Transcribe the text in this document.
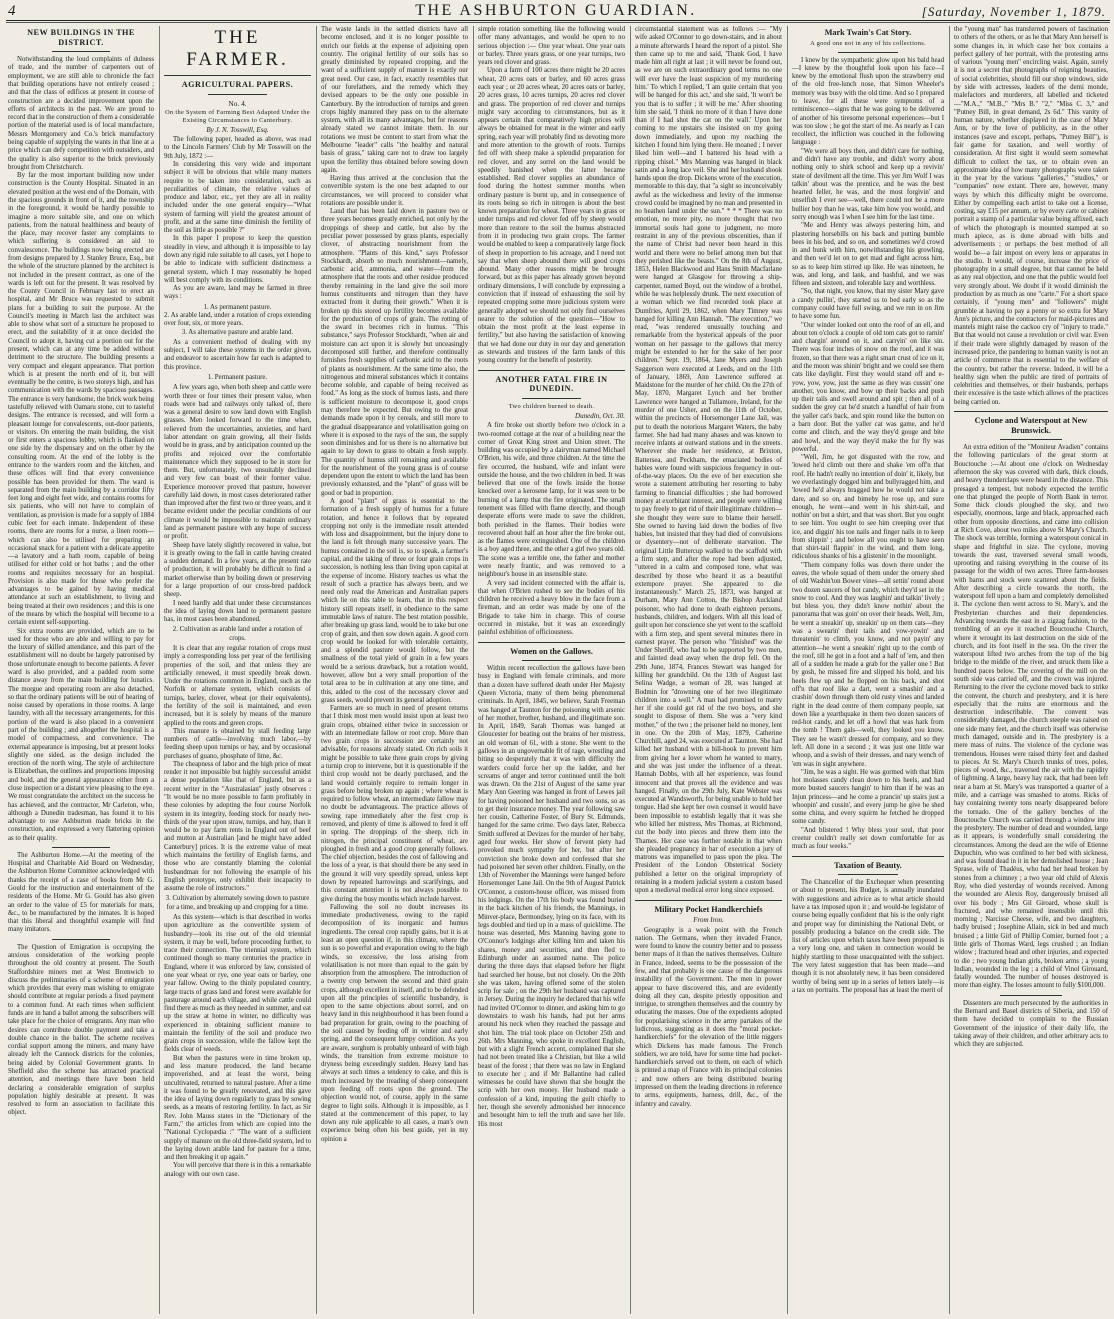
4	THE ASHBURTON GUARDIAN.	[Saturday, November 1, 1879.
NEW BUILDINGS IN THE DISTRICT.

Notwithstanding the loud complaints of dulness of trade, and the number of carpenters out of employment, we are still able to chronicle the fact that building operations have not entirely ceased ; and that the class of edifices at present in course of construction are a decided improvement upon the efforts of architects in the past. We are proud to record that in the construction of them a considerable portion of the material used is of local manufacture, Messrs Montgomery and Co.'s brick manufactory being capable of supplying the wants in that line at a price which can defy competition with outsiders, and the quality is also superior to the brick previously brought from Christchurch.

By far the most important building now under construction is the County Hospital. Situated in an elevated position at the west end of the Domain, with the spacious grounds in front of it, and the township in the foreground, it would be hardly possible to imagine a more suitable site, and one on which patients, from the natural healthiness and beauty of the place, may recover faster any complaints to which suffering is considered an aid to convalescence. The buildings now being erected are from designs prepared by J. Stanley Bruce, Esq., but the whole of the structure planned by the architect is not included in the present contract, as one of the wards is left out for the present. It was resolved by the County Council in February last to erect an hospital, and Mr Bruce was requested to submit plans for a building to suit the purpose. At the Council's meeting in March last the architect was able to show what sort of a structure he proposed to erect, and the suitability of it at once decided the Council to adopt it, having cut a portion out for the present, which can at any time be added without detriment to the structure. The building presents a very compact and elegant appearance. That portion which is at present the north end of it, but will eventually be the centre, is two storeys high, and has communication with the wards by spacious passages. The entrance is very handsome, the brick work being tastefully relieved with Oamaru stone, cut to tasteful designs. The entrance is recessed, and will form a pleasant lounge for convalescents, out-door patients, or visitors. On entering the main building, the visit or first enters a spacious lobby, which is flanked on one side by the dispensary and on the other by the consulting room. At the end of the lobby is the entrance to the warders room and the kitchen, and these offices will find that every convenience possible has been provided for them. The ward is separated from the main building by a corridor fifty feet long and eight feet wide, and contains rooms for six patients, who will not have to complain of ventilation, as provision is made for a supply of 1884 cubic feet for each inmate. Independent of these rooms, there are rooms for a nurse, a linen room—which can also be utilised for preparing an occasional snack for a patient with a delicate appetite—a lavatory and a bath room, capable of being utilised for either cold or hot baths ; and the other rooms and requisites necessary for an hospital. Provision is also made for those who prefer the advantages to be gained by having medical attendance at such an establishment, to living and being treated at their own residences ; and this is one of the means by which the hospital will become to a certain extent self-supporting.

Six extra rooms are provided, which are to be used for those who are able and willing to pay for the luxury of skilled attendance, and this part of the establishment will no doubt be largely patronised by those unfortunate enough to become patients. A fever ward is also provided, and a padded room some distance away from the main building for lunatics. The morgue and operating room are also detached, so that the ordinary patients will be out of hearing of noise caused by operations in those rooms. A large laundry, with all the necessary arrangements, for this portion of the ward is also placed in a convenient part of the building ; and altogether the hospital is a model of compactness, and convenience. The external appearance is imposing, but at present looks slightly one sided, as the design included the erection of the north wing. The style of architecture is Elizabethan, the outlines and proportions imposing and bold, and the general appearance either from a close inspection or a distant view pleasing to the eye. We must congratulate the architect on the success he has achieved, and the contractor, Mr Carleton, who, although a Dunedin tradesman, has found it to his advantage to use Ashburton made bricks in the construction, and expressed a very flattering opinion as to their quality.

The Ashburton Home.—At the meeting of the Hospital and Charitable Aid Board on Wednesday, the Ashburton Home Committee acknowledged with thanks the receipt of a case of books from Mr G. Gould for the instruction and entertainment of the residents of the Home. Mr G. Gould has also given an order to the value of £5 for materials for mats, &c., to be manufactured by the inmates. It is hoped that this liberal and thoughtful example will find many imitators.

The Question of Emigration is occupying the anxious consideration of the working people throughout the old country at present. The South Staffordshire miners met at West Bromwich to discuss the preliminaries of a scheme of emigration which provides that every man wishing to emigrate should contribute at regular periods a fixed payment to a common fund. At each times when sufficient funds are in hand a ballot among the subscribers will take place for the choice of emigrants. Any man who desires can contribute double payment and take a double chance in the ballot. The scheme receives cordial support among the miners, and many have already left the Cannock districts for the colonies, being aided by Colonial Government grants. In Sheffield also the scheme has attracted practical attention, and meetings there have been held declaring a considerable emigration of surplus population highly desirable at present. It was resolved to form an association to facilitate this object.

THE FARMER.
AGRICULTURAL PAPERS.
No. 4.
On the System of Farming Best Adapted Under the Existing Circumstances to Canterbury.
By J. N. Tosswill, Esq.

The following paper, headed as above, was read to the Lincoln Farmers' Club by Mr Tosswill on the 9th July, 1872 :—

In considering this very wide and important subject it will be obvious that while many matters require to be taken into consideration, such as peculiarities of climate, the relative values of produce and labor, etc., yet they are all in reality included under the one general enquiry—"What system of farming will yield the greatest amount of profit, and at the same time diminish the fertility of the soil as little as possible ?"

In this paper I propose to keep the question steadily in view, and although it is impossible to lay down any rigid rule suitable to all cases, yet I hope to be able to indicate with sufficient distinctness a general system, which I may reasonably be hoped will best comply with its conditions.

As you are aware, land may be farmed in three ways :

1. As permanent pasture.
2. As arable land, under a rotation of crops extending over four, six, or more years.
3. As alternative pasture and arable land.

As a convenient method of dealing with my subject, I will take these systems in the order given, and endeavor to ascertain how far each is adapted to this province.

1. Permanent pasture.

A few years ago, when both sheep and cattle were worth three or four times their present value, when roads were bad and railways only talked of, there was a general desire to sow land down with English grasses. Men looked forward to the time when, relieved from the uncertainties, anxieties, and hard labor attendant on grain growing, all their fields would be in grass, and by anticipation counted up the profits and rejoiced over the comfortable maintenance which they supposed to be in store for them. But, unfortunately, two unsuitably declined and very few can boast of their former value. Experience moreover proved that pasture, however carefully laid down, in most cases deteriorated rather than improved after the first two or three years, and it became evident under the peculiar conditions of our climate it would be impossible to maintain ordinary land as permanent pasture with any hope of success or profit.

Sheep have lately slightly recovered in value, but it is greatly owing to the fall in cattle having created a sudden demand. In a few years, at the present rate of production, it will probably be difficult to find a market otherwise than by boiling down or preserving for a large proportion of our cross-bred paddock sheep.

I need hardly add that under these circumstances the idea of laying down land to permanent pasture has, in most cases been abandoned.

2. Cultivation as arable land under a rotation of crops.

It is clear that any regular rotation of crops must imply a corresponding loss per year of the fertilising properties of the soil, and that unless they are artificially renewed, it must speedily break down. Under the rotations common in England, such as the Norfolk or alternate system, which consists of turnips, barley, clover, wheat (or their equivalents), the fertility of the soil is maintained, and even increased, but it is solely by means of the manure applied to the roots and green crops.

This manure is obtained by stall feeding large numbers of cattle—involving much labor,—by feeding sheep upon turnips or hay, and by occasional purchases of guano, phosphate of lime, &c.

The cheapness of labor and the high price of meat render it not impossible but highly successful amidst a dense population like that of England, but as a recent writer in the "Australasian" justly observes : "It would be no more possible to farm profitably in these colonies by adopting the four course Norfolk system in its integrity, feeding stock for nearly two-thirds of the year upon straw, turnips, and hay, than it would be to pay farm rents in England out of beef and mutton at Australian [and he might have added Canterbury] prices. It is the extreme value of meat which maintains the fertility of English farms, and those who are constantly blaming the colonial husbandman for not following the example of his English prototype, only exhibit their incapacity to assume the role of instructors."

3. Cultivation by alternately sowing down to pasture for a time, and breaking up and cropping for a time.

As this system—which is that described in works upon agriculture as the convertible system of husbandry—took its rise out of the old triennial system, it may be well, before proceeding further, to trace their connection. The triennial system, which continued though so many centuries the practice in England, where it was enforced by law, consisted of one year wheat or rye, one year oats or barley, one year fallow. Owing to the thinly populated country, large tracts of grass land and forest were available for pasturage around each village, and while cattle could find there as much as they needed in summer, and eat up the straw at home in winter, no difficulty was experienced in obtaining sufficient manure to maintain the fertility of the soil and produce two grain crops in succession, while the fallow kept the fields clear of weeds.

But when the pastures were in time broken up, and less manure produced, the land became impoverished, and at least the worst, being uncultivated, returned to natural pasture. After a time it was found to be greatly renovated, and this gave the idea of laying down regularly to grass by sowing seeds, as a means of restoring fertility. In fact, as Sir Rev. John Mauss states in the "Dictionary of the Farm," the articles from which are copied into the "National Cyclopædia :" "The want of a sufficient supply of manure on the old three-field system, led to the laying down arable land for pasture for a time, and then breaking it up again."

You will perceive that there is in this a remarkable analogy with our own case.

The waste lands in the settled districts have all become enclosed, and it is no longer possible to enrich our fields at the expense of adjoining open country. The original fertility of our soils has so greatly diminished by repeated cropping, and the want of a sufficient supply of manure is exactly our great need. Our case, in fact, exactly resembles that of our forefathers, and the remedy which they devised appears to be the only one possible in Canterbury. By the introduction of turnips and green crops highly manured they pass on to the alternate system, with all its many advantages, but for reasons already stated we cannot imitate them. In our rotations we must be content to start from what the Melbourne "leader" calls "the healthy and natural basis of grass," taking care not to draw too largely upon the fertility thus obtained before sowing down again.

Having thus arrived at the conclusion that the convertible system is the one best adapted to our circumstances, we will proceed to consider what rotations are possible under it.

Land that has been laid down in pasture two or three years becomes greatly enriched, not only by the droppings of sheep and cattle, but also by the peculiar power possessed by grass plants, especially clover, of abstracting nourishment from the atmosphere. "Plants of this kind," says Professor Stockhardt, absorb so much nourishment—namely, carbonic acid, ammonia, and water—from the atmosphere that the roots and other residue produced thereby remaining in the land give the soil more humus constituents and nitrogen than they have extracted from it during their growth." When it is broken up this stored up fertility becomes available for the production of crops of grain. The rotting of the sward in becomes rich in humus. "This substance," says Professor Stockhardt, "when air and moisture can act upon it is slowly but unceasingly decomposed still further, and therefore continually furnishes fresh supplies of carbonic acid to the roots of plants as nourishment. At the same time also, the nitrogenous and mineral substances which it contains become soluble, and capable of being received as food." As long as the stock of humus lasts, and there is sufficient moisture to decompose it, good crops may therefore be expected. But owing to the great demands made upon it by cereals, and still more to the gradual disappearance and volatilisation going on where it is exposed to the rays of the sun, the supply soon diminishes and for us there is no alternative but again to lay down to grass to obtain a fresh supply. The quantity of humus still remaining and available for the nourishment of the young grass is of course dependent upon the extent to which the land has been previously exhausted, and the "plant" of grass will be good or bad in proportion.

A good "plant" of grass is essential to the formation of a fresh supply of humus for a future rotation, and hence it follows that by repeated cropping not only is the immediate result attended with loss and disappointment, but the injury done to the land is felt through many successive years. The humus contained in the soil is, so to speak, a farmer's capital, and the taking of three or four grain crops in succession, is nothing less than living upon capital at the expense of income. History teaches us what the result of such a practice has always been, and we need only read the American and Australian papers which lie on this table to learn, that in this respect history still repeats itself, in obedience to the same immutable laws of nature. The best rotation possible, after breaking up grass land, would be to take but one crop of grain, and then sow down again. A good corn crop would be looked for with tolerable certainty, and a splendid pasture would follow, but the smallness of the total yield of grain in a few years would be a serious drawback, but a rotation would, however, allow but a very small proportion of the total area to be in cultivation at any one time, and this, added to the cost of the necessary clover and grass seeds, would prevent its general adoption.

Farmers are so much in need of present returns that I think most men would insist upon at least two grain crops, obtained either twice in succession or with an intermediate fallow or root crop. More than two grain crops in succession are certainly not advisable, for reasons already stated. On rich soils it might be possible to take three grain crops by giving a turnip crop to intervene, but it is questionable if the third crop would not be dearly purchased, and the land would certainly require to remain longer in grass before being broken up again ; where wheat is required to follow wheat, an intermediate fallow may no doubt be advantageous. The practice allows of sowing rape immediately after the first crop is removed, and plenty of time is allowed to feed it off in spring. The droppings of the sheep, rich in nitrogen, the principal constituent of wheat, are ploughed in fresh and a good crop generally follows. The chief objection, besides the cost of fallowing and the loss of a year, is that should there be any seed in the ground it will very speedily spread, unless kept down by repeated harrowings and scarifyings, and this constant attention it is not always possible to give during the busy months which include harvest.

Fallowing the soil no doubt increases its immediate productiveness, owing to the rapid decomposition of its inorganic and humus ingredients. The cereal crop rapidly gains, but it is at least an open question if, in this climate, where the sun is so powerful and evaporation owing to the high winds, so excessive, the loss arising from volatilisation is not more than equal to the gain by absorption from the atmosphere. The introduction of a twenty crop between the second and third grain crops, although excellent in itself, and to be defended upon all the principles of scientific husbandry, is open to the same objections about sorrel, and on heavy land in this neighbourhood it has been found a bad preparation for grain, owing to the poaching of the soil caused by feeding off in winter and early spring, and the consequent lumpy condition. As you are aware, sorghum is probably unheard of with high winds, the transition from extreme moisture to dryness being exceedingly sudden. Heavy land has always at such times a tendency to cake, and this is much increased by the treading of sheep consequent upon feeding off roots upon the ground. The objection would not, of course, apply in the same degree to light soils. Although it is impossible, as I stated at the commencement of this paper, to lay down any rule applicable to all cases, a man's own experience being often his best guide, yet in my opinion a

simple rotation something like the following would offer many advantages, and would be open to no serious objection :— One year wheat. One year oats or barley. Three years grass, or one year turnips, two years red clover and grass.

Upon a farm of 100 acres there might be 20 acres wheat, 20 acres oats or barley, and 60 acres grass each year ; or 20 acres wheat, 20 acres oats or barley, 20 acres grass, 10 acres turnips, 20 acres red clover and grass. The proportion of red clover and turnips might vary according to circumstances, but as it appears certain that comparatively high prices will always be obtained for meat in the winter and early spring, each year will probably find us devoting more and more attention to the growth of roots. Turnips fed off with sheep make a splendid preparation for red clover, and any sorrel on the land would be speedily banished when the latter became established. Red clover supplies an abundance of food during the hottest summer months when ordinary pasture is burnt up, and in consequence of its roots being so rich in nitrogen is about the best known preparation for wheat. Three years in grass or under turnips and red clover fed off by sheep would more than restore to the soil the humus abstracted from it in producing two grain crops. The farmer would be enabled to keep a comparatively large flock of sheep in proportion to his acreage, and I need not say that when sheep abound there will good crops abound. Many other reasons might be brought forward, but as this paper has already grown beyond ordinary dimensions, I will conclude by expressing a conviction that if instead of exhausting the soil by repeated cropping some more judicious system were generally adopted we should not only find ourselves nearer to the solution of the question—"How to obtain the most profit at the least expense in fertility," but also having the satisfaction of knowing that we had done our duty in our day and generation as stewards and trustees of the farm lands of this young country for the benefit of posterity.

ANOTHER FATAL FIRE IN DUNEDIN.
Two children burned to death.
Dunedin, Oct. 30.

A fire broke out shortly before two o'clock in a two-roomed cottage at the rear of a building near the corner of Great King street and Union street. The building was occupied by a dairyman named Michael O'Brien, his wife, and three children. At the time the fire occurred, the husband, wife and infant were outside the house, and the two children in bed. It was believed that one of the fowls inside the house knocked over a kerosene lamp, for it was seen to be burning of a lamp that the fire originated. The small tenement was filled with flame directly, and though desperate efforts were made to save the children, both perished in the flames. Their bodies were recovered about half an hour after the fire broke out, as the flames were extinguished. One of the children is a boy aged three, and the other a girl two years old. The scene was a terrible one, the father and mother were nearly frantic, and was removed to a neighbour's house in an insensible state.

A very sad incident connected with the affair is, that when O'Brien rushed to see the bodies of his children he received a heavy blow in the face from a fireman, and an order was made by one of the Brigade to take him in charge. This of course occurred in mistake, but it was an exceedingly painful exhibition of officiousness.

Women on the Gallows.

Within recent recollection the gallows have been busy in England with female criminals, and more than a dozen have suffered death under Her Majesty Queen Victoria, many of them being phenomenal criminals. In April, 1845, we believe, Sarah Freeman was hanged at Taunton for the poisoning with arsenic of her mother, brother, husband, and illegitimate son. In April, 1849, Sarah Thomas was hanged at Gloucester for beating out the brains of her mistress, an old woman of 61, with a stone. She went to the gallows in an ungovernable fit of rage, wrestling and biting so desperately that it was with difficulty the warders could force her up the ladder, and her screams of anger and terror continued until the bolt was drawn. On the 21st of August of the same year Mary Ann Geering was hanged in front of Lewes jail for having poisoned her husband and two sons, so as to get their insurance money. The year following saw her cousin, Catherine Foster, of Bury St. Edmunds, hanged for the same crime. Two days later, Rebecca Smith suffered at Devizes for the murder of her baby, aged four weeks. Her show of fervent piety had provoked much sympathy for her, but after her conviction she broke down and confessed that she had poisoned her seven other children. Finally, on the 13th of November the Mannings were hanged before Horsemonger Lane Jail. On the 9th of August Patrick O'Connor, a custom-house officer, was missed from his lodgings. On the 17th his body was found buried in the back kitchen of his friends, the Mannings, in Minver-place, Bermondsey, lying on its face, with its legs doubled and tied up in a mass of quicklime. The house was deserted, Mrs Manning having gone to O'Connor's lodgings after killing him and taken his shares, money and securities, and then fled to Edinburgh under an assumed name. The police during the three days that elapsed before her flight had searched her house, but not closely. On the 20th she was taken, having offered some of the stolen scrip for sale ; on the 29th her husband was captured in Jersey. During the inquiry he declared that his wife had invited O'Connor to dinner, and asking him to go downstairs to wash his hands, had put her arms around his neck when they reached the passage and shot him. The trial took place on October 25th and 26th. Mrs Manning, who spoke in excellent English, but with a slight French accent, complained that she had not been treated like a Christian, but like a wild beast of the forest ; that there was no law in England to execute her ; and if Mr Ballantine had called witnesses he could have shown that she bought the scrip with her own money. Her husband made a confession of a kind, imputing the guilt chiefly to her, though she severely admonished her innocence and besought him to tell the truth and save her life. His most

circumstantial statement was as follows :— "My wife asked O'Connor to go down-stairs, and in about a minute afterwards I heard the report of a pistol. She then came up to me and said, 'Thank God, I have made him all right at last ; it will never be found out, as we are on such extraordinary good terms no one will ever have the least suspicion of my murdering him.' To which I replied, 'I am quite certain that you will be hanged for this act,' and she said, 'It won't be you that is to suffer ; it will be me.' After shooting him she said, 'I think no more of it than I have done than if I had shot the cat on the wall.' Upon her coming to me upstairs she insisted on my going down immediately, and upon my reaching the kitchen I found him lying there. He moaned ; I never liked him well—and I battered his head with a ripping chisel." Mrs Manning was hanged in black satin and a long lace veil. She and her husband shook hands upon the drop. Dickens wrote of the execution, memorable to this day, that "a sight so inconceivably awful as the wickedness and levity of the immense crowd could be imagined by no man and presented in no heathen land under the sun." * * * There was no emotion, no more pity, no more thought that two immortal souls had gone to judgment, no more restraint in any of the previous obscenities, than if the name of Christ had never been heard in this world and there were no belief among men but that they perished like the beasts." On the 8th of August, 1853, Helen Blackwood and Hans Smith Macfarlane were hanged at Glasgow for throwing a ship-carpenter, named Boyd, out the window of a brothel, while he was helplessly drunk. The next execution of a woman which we find recorded took place at Dumfries, April 29, 1862, when Mary Timney was hanged for killing Ann Hannah. "The execution," we read, "was rendered unusually touching and remarkable from the hysterical appeals of the poor woman on her passage to the gallows that mercy might be extended to her for the sake of her poor children." Sept. 19, 1864, Jane Myers and Joseph Saggerson were executed at Leeds, and on the 11th of January, 1869, Ann Lawrence suffered at Maidstone for the murder of her child. On the 27th of May, 1870, Margaret Lynch and her brother Lawrence were hanged at Tullamore, Ireland, for the murder of one Usher, and on the 11th of October, within the precincts of Horsemonger Lane Jail, was put to death the notorious Margaret Waters, the baby farmer. She had had many abases and was known to receive infants at outward stations and in the streets. Wherever she made her residence, at Brixton, Battersea, and Peckham, the emaciated bodies of babies were found with suspicious frequency in out-of-the-way places. On the eve of her execution she wrote a statement attributing her resorting to baby farming to financial difficulties ; she had borrowed money at exorbitant interest, and people were willing to pay freely to get rid of their illegitimate children—she thought they were sure to blame their herself. She owned to having laid down the bodies of five babies, but insisted that they had died of convulsions or dysentery—not of deliberate starvation. The original Little Buttercup walked to the scaffold with a firm step, and after the rope had been adjusted, "uttered in a calm and composed tone, what was described by those who heard it as a beautiful extempore prayer. She appeared to die instantaneously." March 25, 1873, was hanged at Durham, Mary Ann Cotton, the Bishop Auckland poisoner, who had done to death eighteen persons, husbands, children, and lodgers. With all this load of guilt upon her conscience she yet went to the scaffold with a firm step, and spent several minutes there in earnest prayer. The person who "finished" was the Under Sheriff, who had to be supported by two men, and fainted dead away when the drop fell. On the 29th June, 1874, Frances Stewart was hanged for killing her grandchild. On the 13th of August last Selina Wadge, a woman of 28, was hanged at Bodmin for "drowning one of her two illegitimate children into a well." A man had promised to marry her if she could get rid of the two boys, and she sought to dispose of them. She was a "very kind mother," of the two ; the prisoner held no money, lent in one. On the 20th of May, 1879, Catherine Churchill, aged 24, was executed at Taunton. She had killed her husband with a bill-hook to prevent him from giving her a lover whom he wanted to marry, and she was just under the influence of a threat. Hannah Dobbs, with all her experience, was found innocent and that proves all the evidence and was hanged. Finally, on the 29th July, Kate Webster was executed at Wandsworth, for being unable to hold her tongue. Had she kept her own counsel it would have been impossible to establish legally that it was she who killed her mistress, Mrs Thomas, at Richmond, cut the body into pieces and threw them into the Thames. Her case was further notable in that when she pleaded pregnancy in bar of execution a jury of matrons was impanelled to pass upon the plea. The President of the London Obstetrical Society published a letter on the original impropriety of retaining in a modern judicial system a custom based upon a medieval medical error long since exposed.

Military Pocket Handkerchiefs
From Iron.

Geography is a weak point with the French nation. The Germans, when they invaded France, were found to know the country better and to possess better maps of it than the natives themselves. Culture in France, indeed, seems to be the possession of the few, and that probably is one cause of the dangerous instability of the Government. The men in power appear to have discovered this, and are evidently doing all they can, despite priestly opposition and intrigue, to strengthen themselves and the country by educating the masses. One of the expedients adopted for popularising science in the army partakes of the ludicrous, suggesting as it does the "moral pocket-handkerchiefs" for the elevation of the little niggers which Dickens has made famous. The French soldiers, we are told, have for some time had pocket-handkerchiefs served out to them, on each of which is printed a map of France with its principal colonies ; and now others are being distributed bearing impressed on them the leading directions in reference to arms, equipments, harness, drill, &c., of the infantry and cavalry.

Mark Twain's Cat Story.
A good one not in any of his collections.

I knew by the sympathetic glow upon his bald head—I knew by the thoughtful look upon his face—I knew by the emotional flush upon the strawberry end of the old free-lunch nose, that Simon Wheeler's memory was busy with the old time. And so I prepared to leave, for all these were symptoms of a reminiscence—signs that he was going to be delivered of another of his tiresome personal experiences—but I was too slow ; he got the start of me. As nearly as I can recollect, the infliction was couched in the following language :

"We were all boys then, and didn't care for nothing, and didn't have any trouble, and didn't worry about nothing only to shirk school and keep up a revivin' state of devilment all the time. This yer Jim Wolf I was talkin' about was the prentice, and he was the best hearted feller, he was, and the most forgivin' and unselfish I ever see—well, there could not be a more bullier boy than he was, take him how you would, and sorry enough was I when I see him for the last time.

"Me and Henry was always pestering him, and plastering horsebills on his back and putting bumble bees in his bed, and so on, and sometimes we'd crowd in and bunk with him, notwithstanding his growling, and then we'd let on to get mad and fight across him, so as to keep him stirred up like. He was nineteen, he was, and long, and lank, and bashful, and we was fifteen and sixteen, and tolerable lazy and worthless.

"So, that night, you know, that my sister Mary gave a candy pullin', they started us to bed early so as the company could have full swing, and we run in on Jim to have some fun.

"Our winder looked out onto the roof of an ell, and about ten o'clock a couple of old tom cats got to rarnin' and chargin' around on it, and carryin' on like sin. There was four inches of snow on the roof, and it was frozen, so that there was a right smart crust of ice on it, and the moon was shinin' bright and we could see them cats like daylight. First they would stand off and e-yow, yow, yow, just the same as they was cussin' one another, you know, and bow up their backs and push up their tails and swell around and spit ; then all of a sudden the grey cat he'd snatch a handful of hair from the yaller cat's back, and spin round like the button on a barn door. But the yaller cat was game, and he'd come and clinch, and the way they'd gouge and bite and howl, and the way they'd make the fur fly was powerful.

"Well, Jim, he got disgusted with the row, and 'lowed he'd climb out there and shake 'em off'n that roof. He hadn't really no intention of doin' it, likely, but we everlastingly dogged him and bullyragged him, and 'lowed he'd always bragged how he would not take a dare, and so on, and bimeby he rose up, and sure enough, he went—and went in his shirt-tail, and nothin' on but a shirt, and that was short. But you ought to see him. You ought to see him creeping over that ice, and diggin' his toe nails and finger nails in to keep from slippin' ; and below all you ought to have seen that shirt-tail flappin' in the wind, and them long, ridiculous shanks of his a glistenin' in the moonlight.

"Them company folks was down there under the eaves, the whole squad of them under the ornery shed of old Washin'ton Bower vines—all settin' round about two dozen saucers of hot candy, which they'd set in the snow to cool. And they was laughin' and talkin' lively ; but bless you, they didn't know nothin' about the panorama that was goin' on over their heads. Well, Jim, he went a sneakin' up, sneakin' up on them cats—they was a swearin' their tails and yow-yowin' and threatenin' to climb, you know, and not payin' any attention—he went a sneakin' right up to the comb of the roof, till he got in a foot and a half of 'em, and then all of a sudden he made a grab for the yaller one ! But by gosh, he missed fire and slipped his hold, and his heels flew up and he flopped on his back, and shot off'n that roof like a dart, went a smashin' and a crashin' down through them old rusty vines and landed right in the dead centre of them company people, sat down like a yearthquake in them two dozen saucers of red-hot candy, and let off a howl that was hark from the tomb ! Them gals—well, they looked you know. They see he wasn't dressed for company, and so they left. All done in a second ; it was just one little war whoop, and a swish of their dresses, and nary wench of 'em was in sight anywhere.

"Jim, he was a sight. He was gormed with that blim hot molasses candy clean down to his heels, and had more busted saucers hangin' to him than if he was an Injun princess—and he come a prancin' up stairs just a whoopin' and cussin', and every jump he give he shed some china, and every squirm he fetched he dropped some candy.

"And blistered ! Why bless your soul, that poor creetur couldn't really set down comfortable for as much as four weeks."

Taxation of Beauty.

The Chancellor of the Exchequer when presenting or about to present, his Budget, is annually inundated with suggestions and advice as to what article should have a tax imposed upon it ; and would-be legislator of course being equally confident that his is the only right and proper way for diminishing the National Debt, or possibly producing a balance on the credit side. The list of articles upon which taxes have been proposed is a very long one, and taken in connection would be highly startling to those unacquainted with the subject. The very latest suggestion that has been made—and though it is not absolutely new, it has been considered worthy of being sent up in a series of letters lately—is a tax on portraits. The proposal has at least the merit of

the "young man" has transferred powers of fascination to others of the others, or as he that Mary Ann herself is some changes in, in which case her box contains a perfect gallery of her portrait, with the protesting arms of various "young men" encircling waist. Again, surely it is not a secret that photographs of reigning beauties, of social celebrities, should fill our shop windows, side by side with actresses, leaders of the demi monde, malefactors and murderers, all labelled and ticketed—"M.A.," "M.B.," "Mrs B." "2," "Miss C. 3," and "Putney Bill, in great demand, 2s 6d." This vanity of human nature, whether displayed in the case of Mary Ann, or by the love of publicity, as in the other instances (save and except, perhaps, "Putney Bill"), is fair game for taxation, and well worthy of consideration. At first sight it would seem somewhat difficult to collect the tax, or to obtain even an approximate idea of how many photographs were taken in the year by the various "galleries," "studios," or "companies" now extant. There are, however, many ways by which this difficulty might be overcome. Either by compelling each artist to take out a license, costing, say £15 per annum, or by every carte or cabinet portrait a stamp of a particular value being affixed, each of which the photograph is mounted stamped at so much apiece, as is done abroad with bills and advertisements ; or perhaps the best method of all would be—a fair impost on every lens or apparatus in the studio. It would, of course, increase the price of photography in a small degree, but that cannot be held as any real objection, and one that the public would feel very strongly about. We doubt if it would diminish the production by as much as one "carte." For a short space certainly, if "young men" and "followers" might grumble at having to pay a penny or so extra for Mary Ann's picture, and the contractors for maid-pictures and mantels might raise the cackoo cry of "injury to trade." But that would not cause a revolution or civil war. Even if their trade were slightly damaged by reason of the increased price, the pandering to human vanity is not an article of commerce that is essential to the welfare of the country, but rather the reverse. Indeed, it will be a healthy sign when the public are tired of portraits of celebrities and themselves, or their husbands, perhaps their excessive is the taste which allows of the practices being carried on.

Cyclone and Waterspout at New Brunswick.

An extra edition of the "Moniteur Avadien" contains the following particulars of the great storm at Bouctouche :—At about one o'clock on Wednesday afternoon the sky was covered with dark, thick clouds, and heavy thunderclaps were heard in the distance. This presaged a tempest, but nobody expected the terrific one that plunged the people of North Bank in terror. Some thick clouds ploughed the sky, and two especially, enormous, large and black, approached each other from opposite directions, and came into collision at Rich Cove, about two miles above St Mary's Church. The shock was terrible, forming a waterspout conical in shape and frightful in size. The cyclone, moving towards the east, traversed several small woods, uprooting and raising everything in the course of its passage for the width of two acres. Three farm-houses with barns and stock were scattered about the fields. After describing a circle towards the north, the waterspout fell upon a barn and completely demolished it. The cyclone then went across to St. Mary's, and the Presbyterian churches and their dependencies. Advancing towards the east in a zigzag fashion, to the trembling of an eye it reached Bouctouche Church, where it wrought its last destruction on the side of the church, and its foot itself in the sea. On the river the waterspout lifted two arches from the top of the big bridge to the middle of the river, and struck them like a hundred paces below. The covering of the mill on the south side was carried off, and the crown was injured. Returning to the river the cyclone moved back to strike the convent, the church and presbytery, and it is here especially that the ruins are enormous and the destruction indescribable. The convent was considerably damaged, the church steeple was raised on one side many feet, and the church itself was otherwise much damaged, outside and in. The presbytery is a mere mass of ruins. The violence of the cyclone was tremendous. Houses were raised thirty feet and dashed to pieces. At St. Mary's Church trunks of trees, poles, pieces of wood, &c., traversed the air with the rapidity of lightning. A large, heavy hay rack, that had been left near a barn at St. Mary's was transported a quarter of a mile, and a carriage was smashed to atoms. Ricks of hay containing twenty tons nearly disappeared before the tornado. One of the gallery benches of the Bouctouche Church was carried through a window into the presbytery. The number of dead and wounded, large as it appears, is wonderfully small considering the circumstances. Among the dead are the wife of Etienne Dupuchin, who was confined to her bed with sickness, and was found dead in it in her demolished house ; Jean Sprase, wife of Thadéus, who had her head broken by stones from a chimney ; a two year old child of Alexis Roy, who died yesterday of wounds received. Among the wounded are Alexis Roy, dangerously bruised all over his body ; Mrs Gil Giroard, whose skull is fractured, and who remained insensible until this morning ; Narcisse Cheese, wife, and two daughters, badly bruised ; Josephine Allain, sick in bed and much bruised ; a little Girl of Phillip Comier, burned foot ; a little girls of Thomas Ward, legs crushed ; an Indian widow ; fractured head and other injuries, and expected to die ; two young Indian girls, broken arms ; a young Indian, wounded in the leg ; a child of Vinol Girouard, fatally wounded. The number of houses destroyed is more than eighty. The losses amount to fully $100,000.

Dissenters are much persecuted by the authorities in the Bernard and Basel districts of Siberia, and 150 of them have decided to complain to the Russian Government of the injustice of their daily life, the taking away of their children, and other arbitrary acts to which they are subjected.
